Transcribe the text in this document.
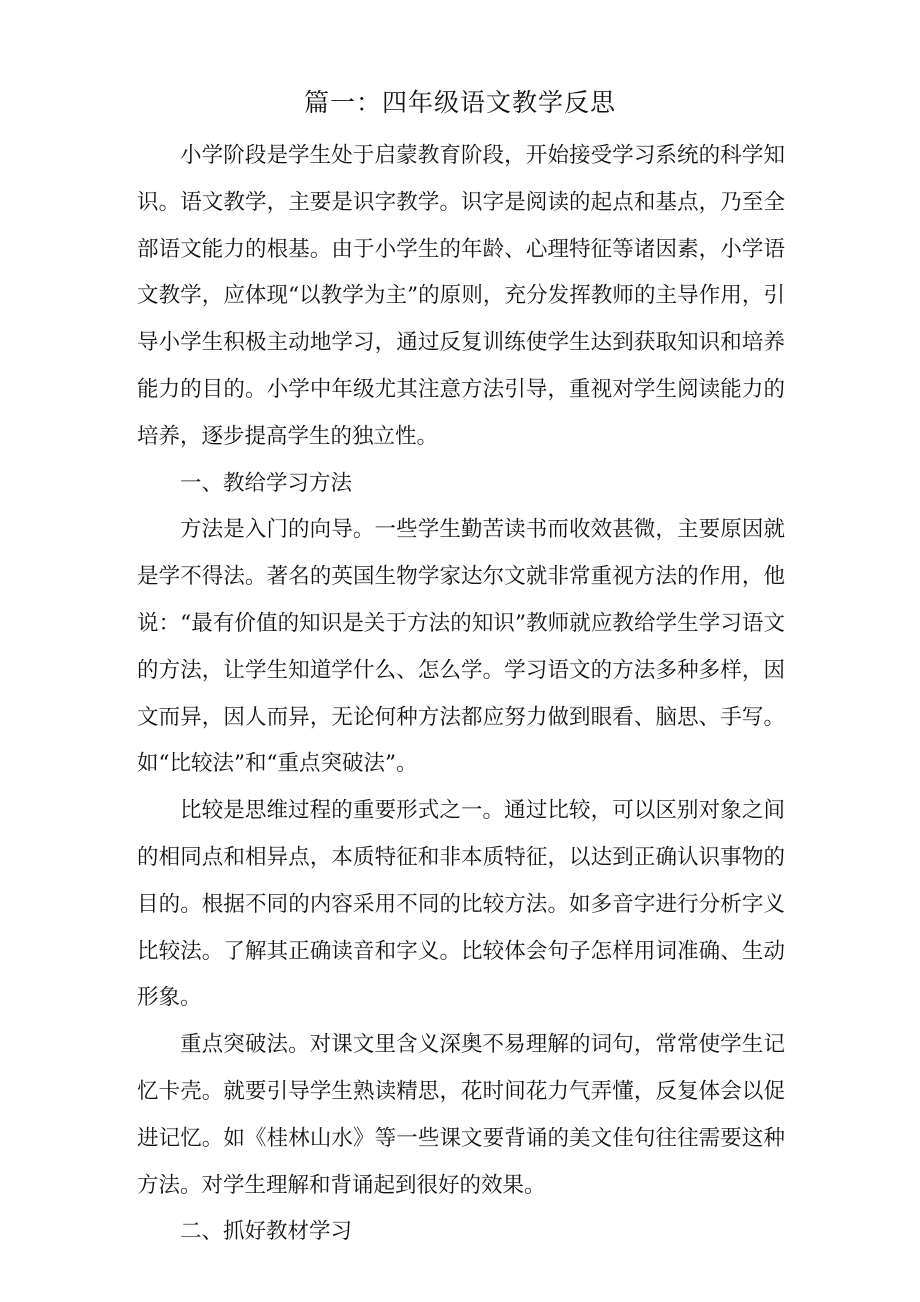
篇一：四年级语文教学反思

小学阶段是学生处于启蒙教育阶段，开始接受学习系统的科学知识。语文教学，主要是识字教学。识字是阅读的起点和基点，乃至全部语文能力的根基。由于小学生的年龄、心理特征等诸因素，小学语文教学，应体现“以教学为主”的原则，充分发挥教师的主导作用，引导小学生积极主动地学习，通过反复训练使学生达到获取知识和培养能力的目的。小学中年级尤其注意方法引导，重视对学生阅读能力的培养，逐步提高学生的独立性。

一、教给学习方法

方法是入门的向导。一些学生勤苦读书而收效甚微，主要原因就是学不得法。著名的英国生物学家达尔文就非常重视方法的作用，他说：“最有价值的知识是关于方法的知识”教师就应教给学生学习语文的方法，让学生知道学什么、怎么学。学习语文的方法多种多样，因文而异，因人而异，无论何种方法都应努力做到眼看、脑思、手写。如“比较法”和“重点突破法”。

比较是思维过程的重要形式之一。通过比较，可以区别对象之间的相同点和相异点，本质特征和非本质特征，以达到正确认识事物的目的。根据不同的内容采用不同的比较方法。如多音字进行分析字义比较法。了解其正确读音和字义。比较体会句子怎样用词准确、生动形象。

重点突破法。对课文里含义深奥不易理解的词句，常常使学生记忆卡壳。就要引导学生熟读精思，花时间花力气弄懂，反复体会以促进记忆。如《桂林山水》等一些课文要背诵的美文佳句往往需要这种方法。对学生理解和背诵起到很好的效果。

二、抓好教材学习
